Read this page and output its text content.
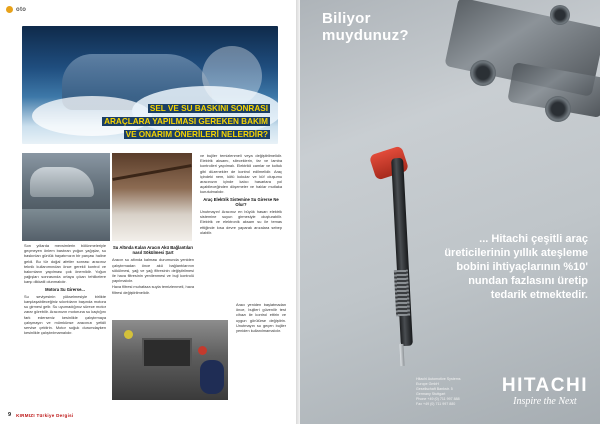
oto
SEL VE SU BASKINI SONRASI
ARAÇLARA YAPILMASI GEREKEN BAKIM
VE ONARIM ÖNERİLERİ NELERDİR?

Son yıllarda mevsimlerin bölünmeleriyle geçmeyen önlem bastıran yoğun yağışlar, su baskınları günlük hayatımızın bir parçası haline geldi. Bu tür doğal afetler sonrası aracınız teknik kullanımından önce gerekli kontrol ve bakımların yapılması çok önemlidir. Yoğun yağışları sonrasında ortaya çıkan tehlikelere karşı dikkatli olunmalıdır.

Motora Su Girerse...

Su seviyesinin yükselmesiyle birlikte karşılaşabileceğiniz sıkıntıların başında motora su girmesi gelir. Su uyumadığınız sürece motor zarar görebilir. Aracınızın motoruna su kaçtığını fark ederseniz kesinlikle çalıştırmaya çalışmayın ve mümkünse aracınızı yetkili servise çektirin. Motor soğuk durumdayken kesinlikle çalıştırılmamalıdır.

Su Altında Kalan Aracın Akü Bağlantıları nasıl Sökülmesi Şart

Aracın su altında kalması durumunda yeniden çalıştırmadan önce akü bağlantılarının sökülmesi, yağ ve yağ filtresinin değiştirilmesi ile hava filtresinin yenilenmesi ve buji kontrolü yapılmalıdır.

Hava filtresi muhafaza suyla temizlenmeli, hava filtresi değiştirilmelidir.

ve bujiler temizlenmeli veya değiştirilmelidir. Elektrik aksamı, sileceklerin, far ve lamba kontrolleri yapılmalı. Elektrikli camlar ve koltuk gibi düzenekler de kontrol edilmelidir. Araç içindeki nem, kötü kokular ve küf oluşumu aracınızın içinde kalıcı hasarlara yol açabileceğinden döşemeler ve halılar mutlaka kurutulmalıdır.

Araç Elektrik Sistemine Su Girerse Ne Olur?

Unutmayın! Aracınız en büyük hasarı elektrik sistemine suyun girmesiyle oluşturabilir. Elektrik ve elektronik aksam su ile temas ettiğinde kısa devre yaparak arızalara sebep olabilir.

Aracı yeniden başlatmadan önce, bujileri güvenilir test cihazı ile kontrol ettirin ve uygun görülürse değiştirin. Unutmayın su geçen bujiler yeniden kullanılmamalıdır.

9 KIRMIZI Türkiye Dergisi
Biliyor
muydunuz?
... Hitachi çeşitli araç
üreticilerinin yıllık ateşleme
bobini ihtiyaçlarının %10'
nundan fazlasını üretip
tedarik etmektedir.
Hitachi Automotive Systems
Europe GmbH
Gesellschaft Bankstr. 5
Germany Stuttgart
Phone +49 (0) 711 997 888
Fax +49 (0) 711 997 880
HITACHI
Inspire the Next
